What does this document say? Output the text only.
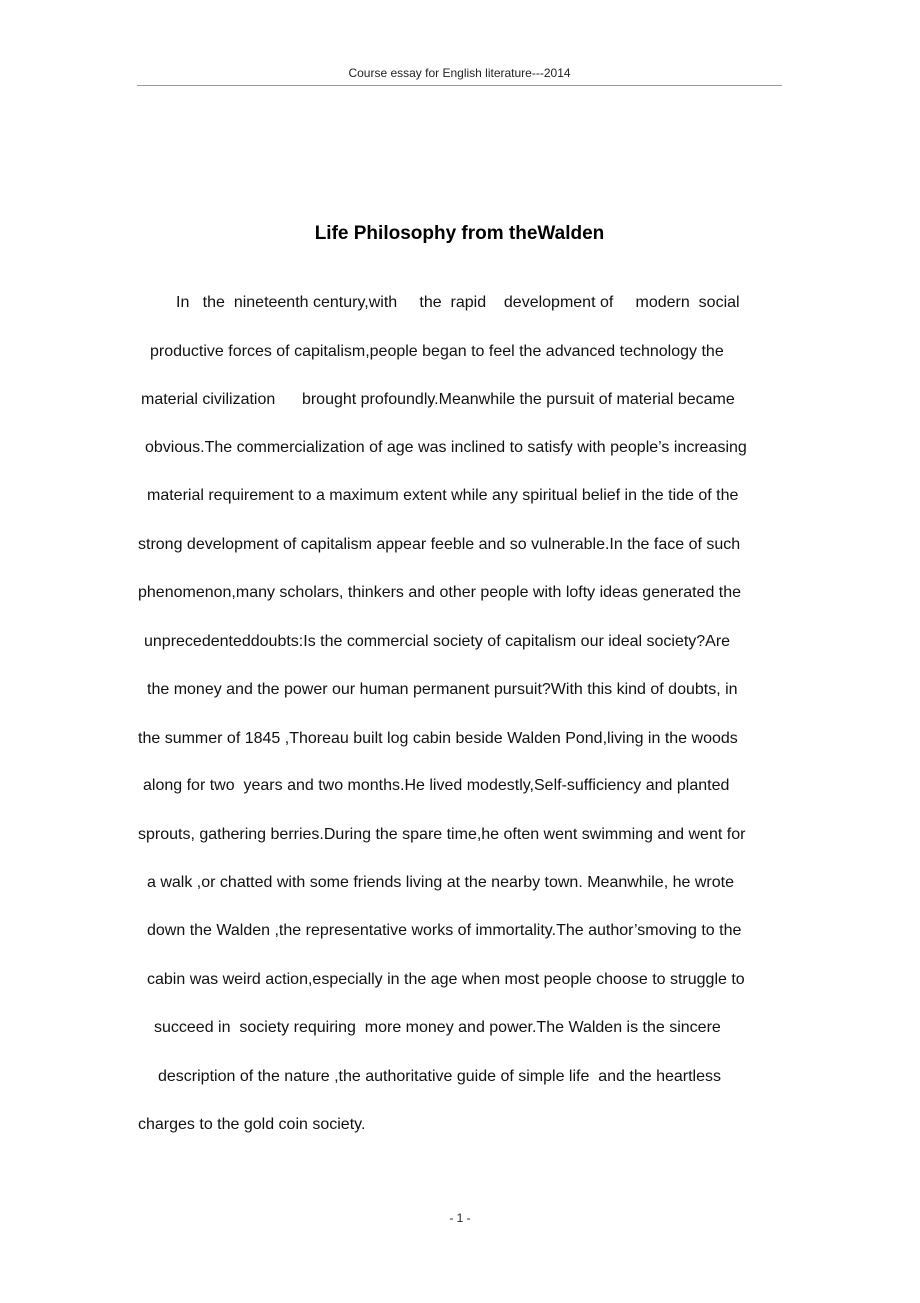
Course essay for English literature---2014
Life Philosophy from theWalden
In   the  nineteenth century,with     the  rapid    development of     modern  social
productive forces of capitalism,people began to feel the advanced technology the
material civilization      brought profoundly.Meanwhile the pursuit of material became
obvious.The commercialization of age was inclined to satisfy with people’s increasing
material requirement to a maximum extent while any spiritual belief in the tide of the
strong development of capitalism appear feeble and so vulnerable.In the face of such
phenomenon,many scholars, thinkers and other people with lofty ideas generated the
unprecedenteddoubts:Is the commercial society of capitalism our ideal society?Are
the money and the power our human permanent pursuit?With this kind of doubts, in
the summer of 1845 ,Thoreau built log cabin beside Walden Pond,living in the woods
along for two  years and two months.He lived modestly,Self-sufficiency and planted
sprouts, gathering berries.During the spare time,he often went swimming and went for
a walk ,or chatted with some friends living at the nearby town. Meanwhile, he wrote
down the Walden ,the representative works of immortality.The author’smoving to the
cabin was weird action,especially in the age when most people choose to struggle to
succeed in  society requiring  more money and power.The Walden is the sincere
description of the nature ,the authoritative guide of simple life  and the heartless
charges to the gold coin society.
- 1 -
